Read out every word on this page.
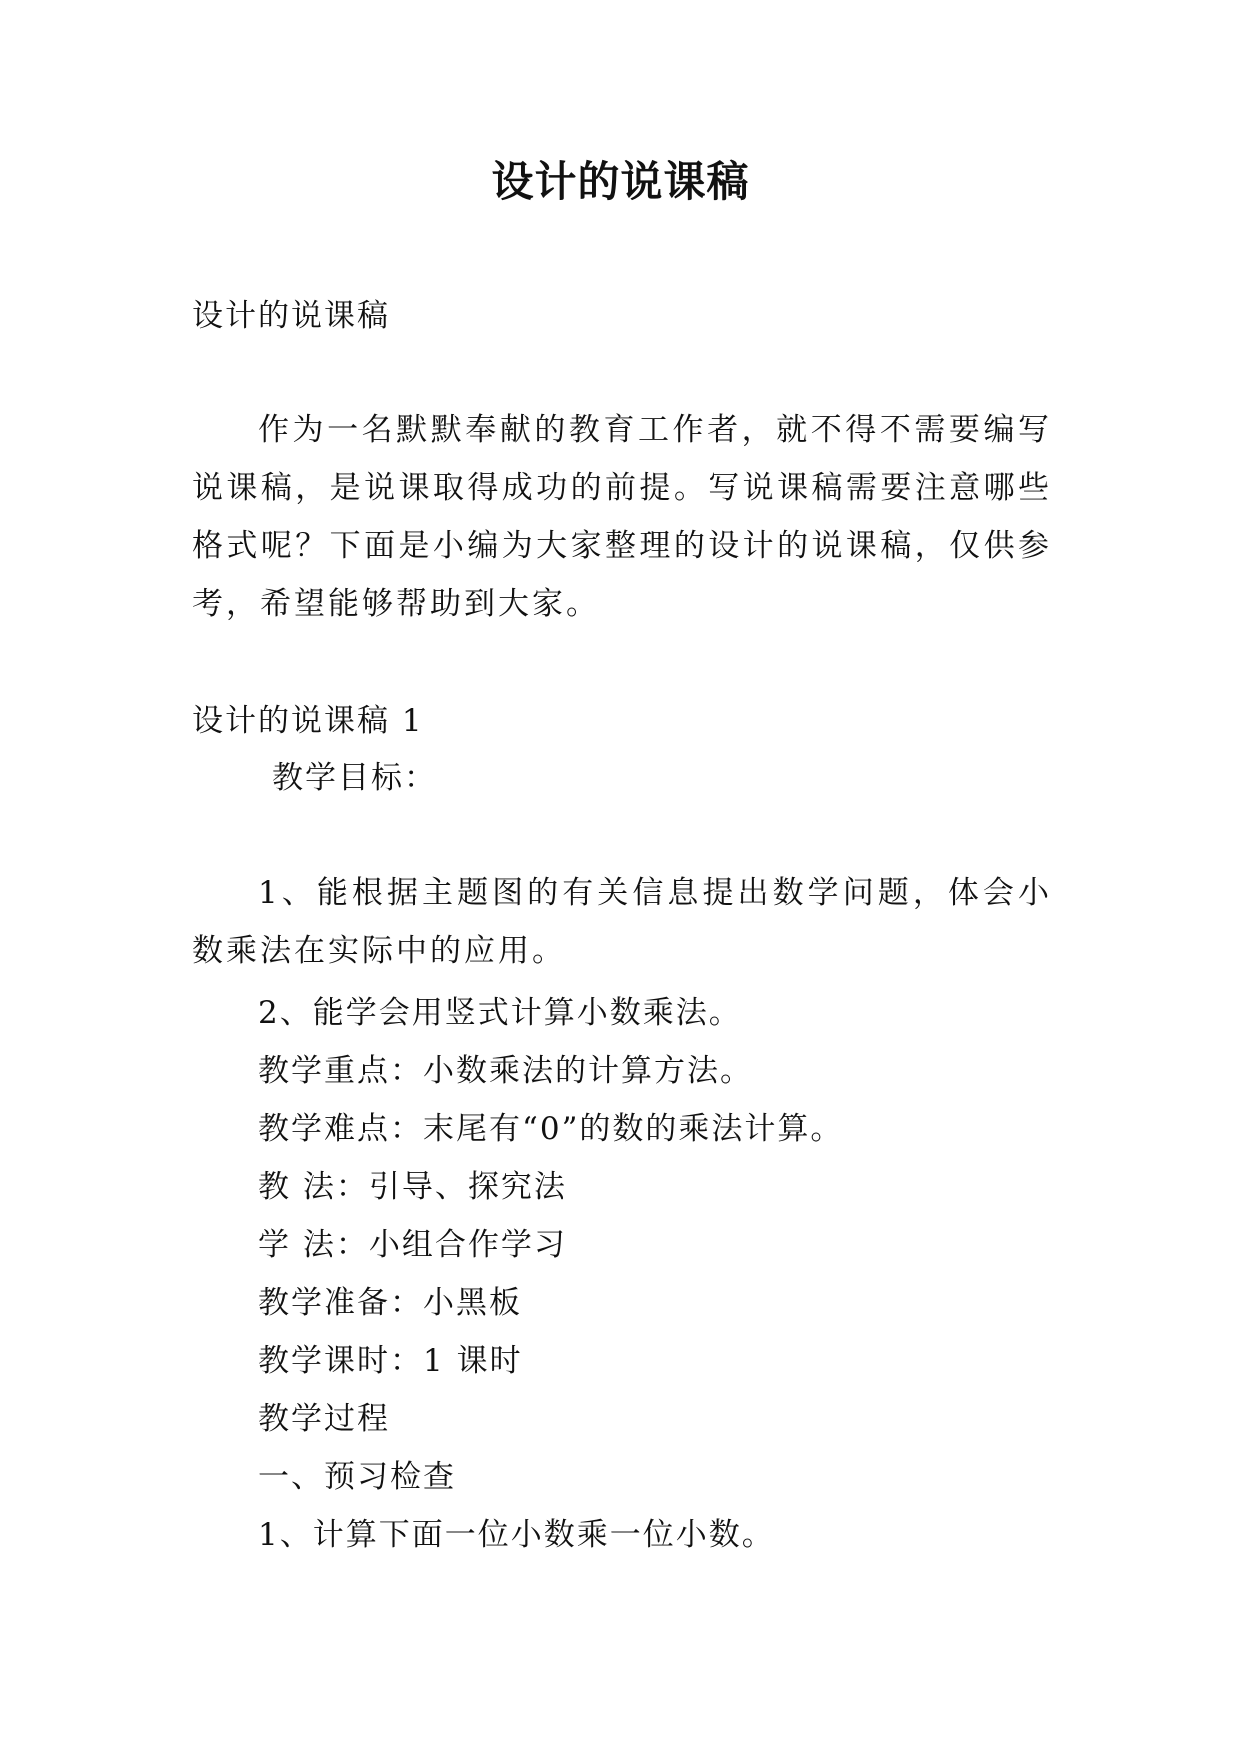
设计的说课稿
设计的说课稿
作为一名默默奉献的教育工作者，就不得不需要编写说课稿，是说课取得成功的前提。写说课稿需要注意哪些格式呢？下面是小编为大家整理的设计的说课稿，仅供参考，希望能够帮助到大家。
设计的说课稿 1
教学目标：
1、能根据主题图的有关信息提出数学问题，体会小数乘法在实际中的应用。
2、能学会用竖式计算小数乘法。
教学重点：小数乘法的计算方法。
教学难点：末尾有“0”的数的乘法计算。
教 法：引导、探究法
学 法：小组合作学习
教学准备：小黑板
教学课时：1 课时
教学过程
一、预习检查
1、计算下面一位小数乘一位小数。
